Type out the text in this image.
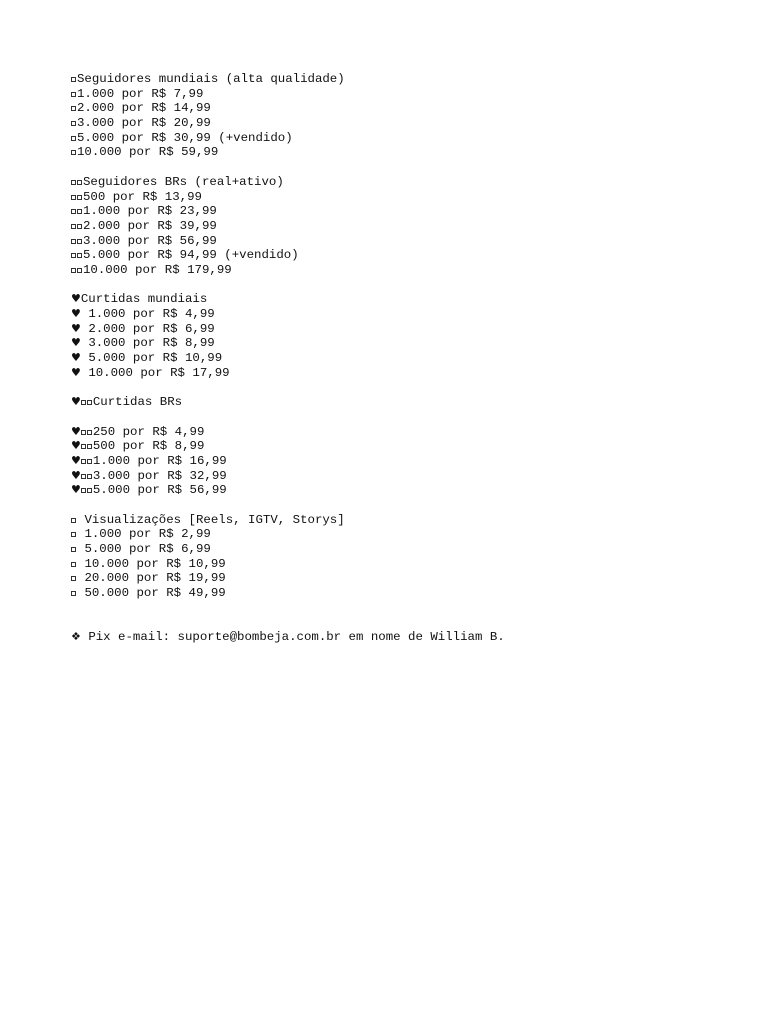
Seguidores mundiais (alta qualidade)
1.000 por R$ 7,99
2.000 por R$ 14,99
3.000 por R$ 20,99
5.000 por R$ 30,99 (+vendido)
10.000 por R$ 59,99
Seguidores BRs (real+ativo)
500 por R$ 13,99
1.000 por R$ 23,99
2.000 por R$ 39,99
3.000 por R$ 56,99
5.000 por R$ 94,99 (+vendido)
10.000 por R$ 179,99
♥Curtidas mundiais
♥ 1.000 por R$ 4,99
♥ 2.000 por R$ 6,99
♥ 3.000 por R$ 8,99
♥ 5.000 por R$ 10,99
♥ 10.000 por R$ 17,99
♥ Curtidas BRs
♥ 250 por R$ 4,99
♥ 500 por R$ 8,99
♥ 1.000 por R$ 16,99
♥ 3.000 por R$ 32,99
♥ 5.000 por R$ 56,99
Visualizações [Reels, IGTV, Storys]
1.000 por R$ 2,99
5.000 por R$ 6,99
10.000 por R$ 10,99
20.000 por R$ 19,99
50.000 por R$ 49,99
❖ Pix e-mail: suporte@bombeja.com.br em nome de William B.
